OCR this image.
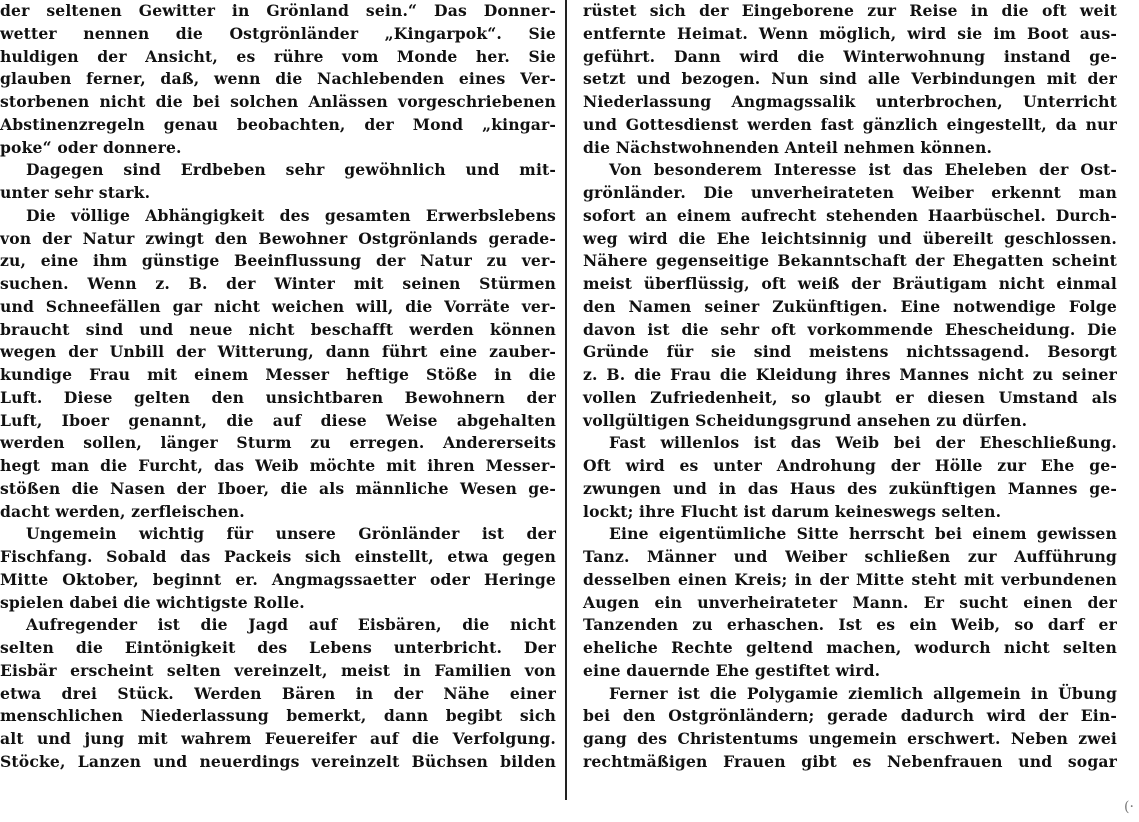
der seltenen Gewitter in Grönland sein.“ Das Donner-
wetter nennen die Ostgrönländer „Kingarpok“. Sie
huldigen der Ansicht, es rühre vom Monde her. Sie
glauben ferner, daß, wenn die Nachlebenden eines Ver-
storbenen nicht die bei solchen Anlässen vorgeschriebenen
Abstinenzregeln genau beobachten, der Mond „kingar-
poke“ oder donnere.
Dagegen sind Erdbeben sehr gewöhnlich und mit-
unter sehr stark.
Die völlige Abhängigkeit des gesamten Erwerbslebens
von der Natur zwingt den Bewohner Ostgrönlands gerade-
zu, eine ihm günstige Beeinflussung der Natur zu ver-
suchen. Wenn z. B. der Winter mit seinen Stürmen
und Schneefällen gar nicht weichen will, die Vorräte ver-
braucht sind und neue nicht beschafft werden können
wegen der Unbill der Witterung, dann führt eine zauber-
kundige Frau mit einem Messer heftige Stöße in die
Luft. Diese gelten den unsichtbaren Bewohnern der
Luft, Iboer genannt, die auf diese Weise abgehalten
werden sollen, länger Sturm zu erregen. Andererseits
hegt man die Furcht, das Weib möchte mit ihren Messer-
stößen die Nasen der Iboer, die als männliche Wesen ge-
dacht werden, zerfleischen.
Ungemein wichtig für unsere Grönländer ist der
Fischfang. Sobald das Packeis sich einstellt, etwa gegen
Mitte Oktober, beginnt er. Angmagssaetter oder Heringe
spielen dabei die wichtigste Rolle.
Aufregender ist die Jagd auf Eisbären, die nicht
selten die Eintönigkeit des Lebens unterbricht. Der
Eisbär erscheint selten vereinzelt, meist in Familien von
etwa drei Stück. Werden Bären in der Nähe einer
menschlichen Niederlassung bemerkt, dann begibt sich
alt und jung mit wahrem Feuereifer auf die Verfolgung.
Stöcke, Lanzen und neuerdings vereinzelt Büchsen bilden
rüstet sich der Eingeborene zur Reise in die oft weit
entfernte Heimat. Wenn möglich, wird sie im Boot aus-
geführt. Dann wird die Winterwohnung instand ge-
setzt und bezogen. Nun sind alle Verbindungen mit der
Niederlassung Angmagssalik unterbrochen, Unterricht
und Gottesdienst werden fast gänzlich eingestellt, da nur
die Nächstwohnenden Anteil nehmen können.
Von besonderem Interesse ist das Eheleben der Ost-
grönländer. Die unverheirateten Weiber erkennt man
sofort an einem aufrecht stehenden Haarbüschel. Durch-
weg wird die Ehe leichtsinnig und übereilt geschlossen.
Nähere gegenseitige Bekanntschaft der Ehegatten scheint
meist überflüssig, oft weiß der Bräutigam nicht einmal
den Namen seiner Zukünftigen. Eine notwendige Folge
davon ist die sehr oft vorkommende Ehescheidung. Die
Gründe für sie sind meistens nichtssagend. Besorgt
z. B. die Frau die Kleidung ihres Mannes nicht zu seiner
vollen Zufriedenheit, so glaubt er diesen Umstand als
vollgültigen Scheidungsgrund ansehen zu dürfen.
Fast willenlos ist das Weib bei der Eheschließung.
Oft wird es unter Androhung der Hölle zur Ehe ge-
zwungen und in das Haus des zukünftigen Mannes ge-
lockt; ihre Flucht ist darum keineswegs selten.
Eine eigentümliche Sitte herrscht bei einem gewissen
Tanz. Männer und Weiber schließen zur Aufführung
desselben einen Kreis; in der Mitte steht mit verbundenen
Augen ein unverheirateter Mann. Er sucht einen der
Tanzenden zu erhaschen. Ist es ein Weib, so darf er
eheliche Rechte geltend machen, wodurch nicht selten
eine dauernde Ehe gestiftet wird.
Ferner ist die Polygamie ziemlich allgemein in Übung
bei den Ostgrönländern; gerade dadurch wird der Ein-
gang des Christentums ungemein erschwert. Neben zwei
rechtmäßigen Frauen gibt es Nebenfrauen und sogar
(·
